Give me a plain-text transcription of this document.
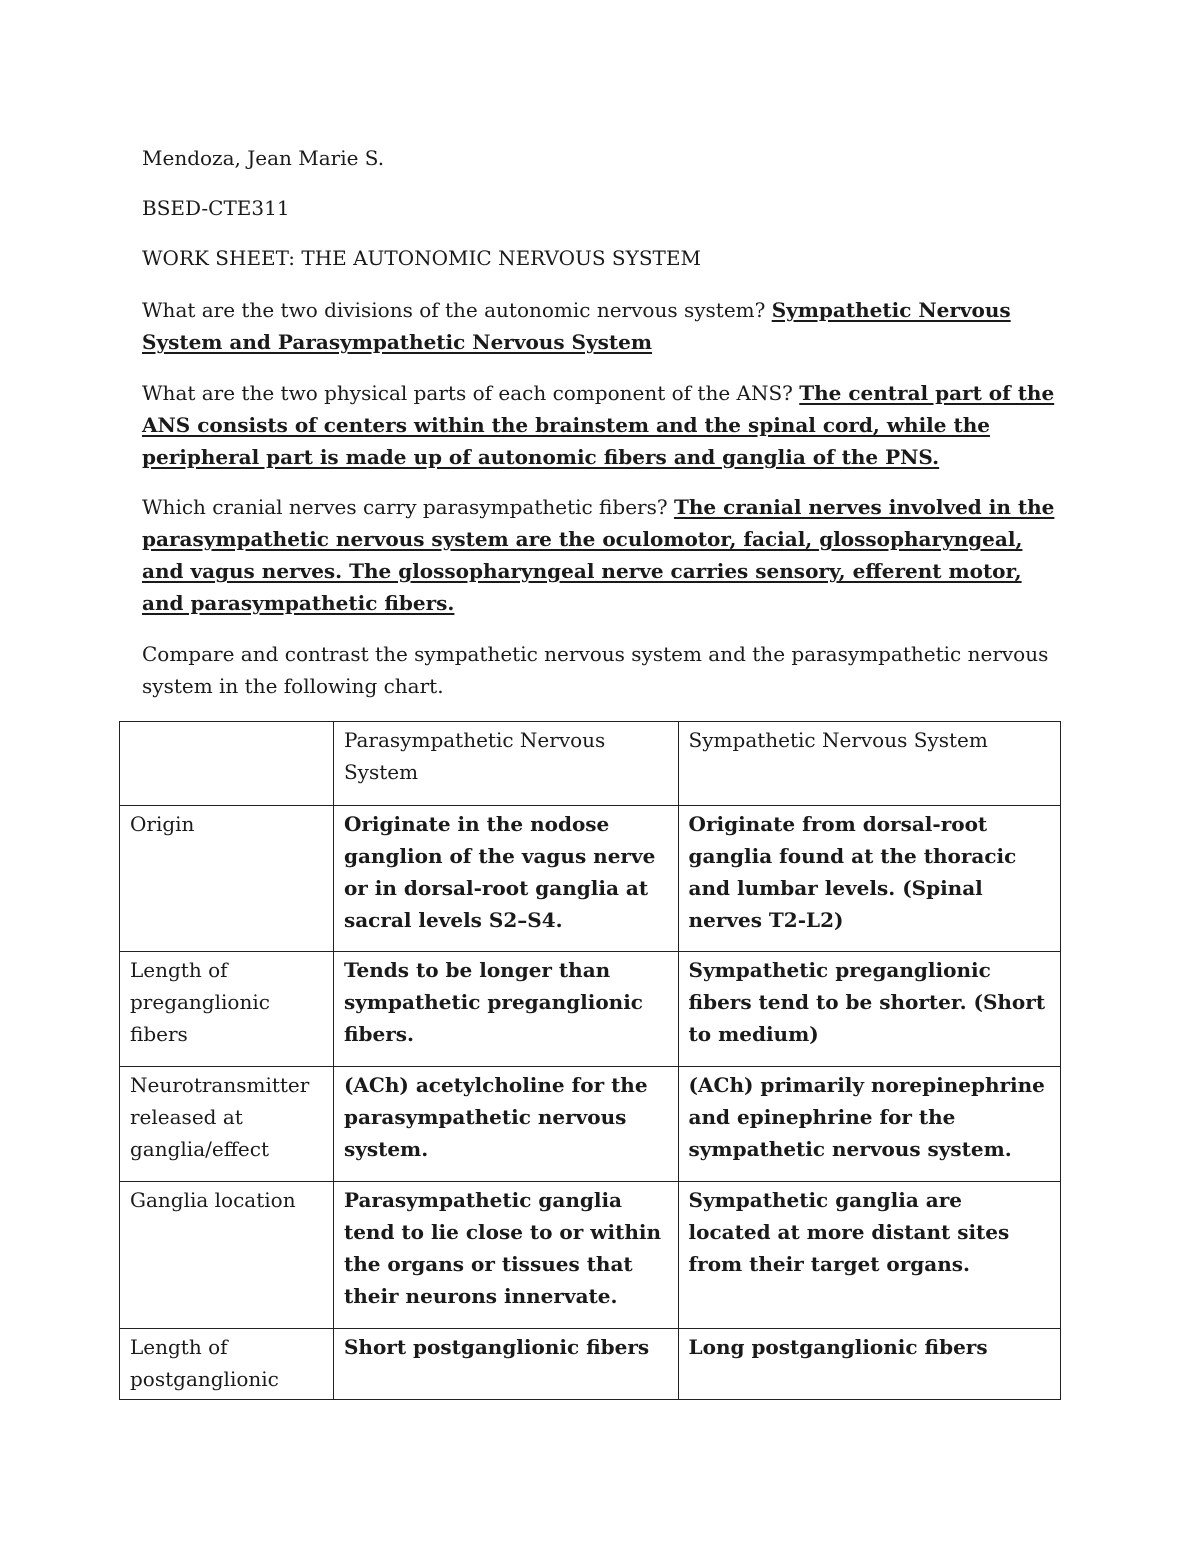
Mendoza, Jean Marie S.

BSED-CTE311

WORK SHEET: THE AUTONOMIC NERVOUS SYSTEM

What are the two divisions of the autonomic nervous system? Sympathetic Nervous System and Parasympathetic Nervous System

What are the two physical parts of each component of the ANS? The central part of the ANS consists of centers within the brainstem and the spinal cord, while the peripheral part is made up of autonomic fibers and ganglia of the PNS.

Which cranial nerves carry parasympathetic fibers? The cranial nerves involved in the parasympathetic nervous system are the oculomotor, facial, glossopharyngeal, and vagus nerves. The glossopharyngeal nerve carries sensory, efferent motor, and parasympathetic fibers.

Compare and contrast the sympathetic nervous system and the parasympathetic nervous system in the following chart.

	Parasympathetic Nervous System	Sympathetic Nervous System
Origin	Originate in the nodose ganglion of the vagus nerve or in dorsal-root ganglia at sacral levels S2–S4.	Originate from dorsal-root ganglia found at the thoracic and lumbar levels. (Spinal nerves T2-L2)
Length of preganglionic fibers	Tends to be longer than sympathetic preganglionic fibers.	Sympathetic preganglionic fibers tend to be shorter. (Short to medium)
Neurotransmitter released at ganglia/effect	(ACh) acetylcholine for the parasympathetic nervous system.	(ACh) primarily norepinephrine and epinephrine for the sympathetic nervous system.
Ganglia location	Parasympathetic ganglia tend to lie close to or within the organs or tissues that their neurons innervate.	Sympathetic ganglia are located at more distant sites from their target organs.
Length of postganglionic	Short postganglionic fibers	Long postganglionic fibers
